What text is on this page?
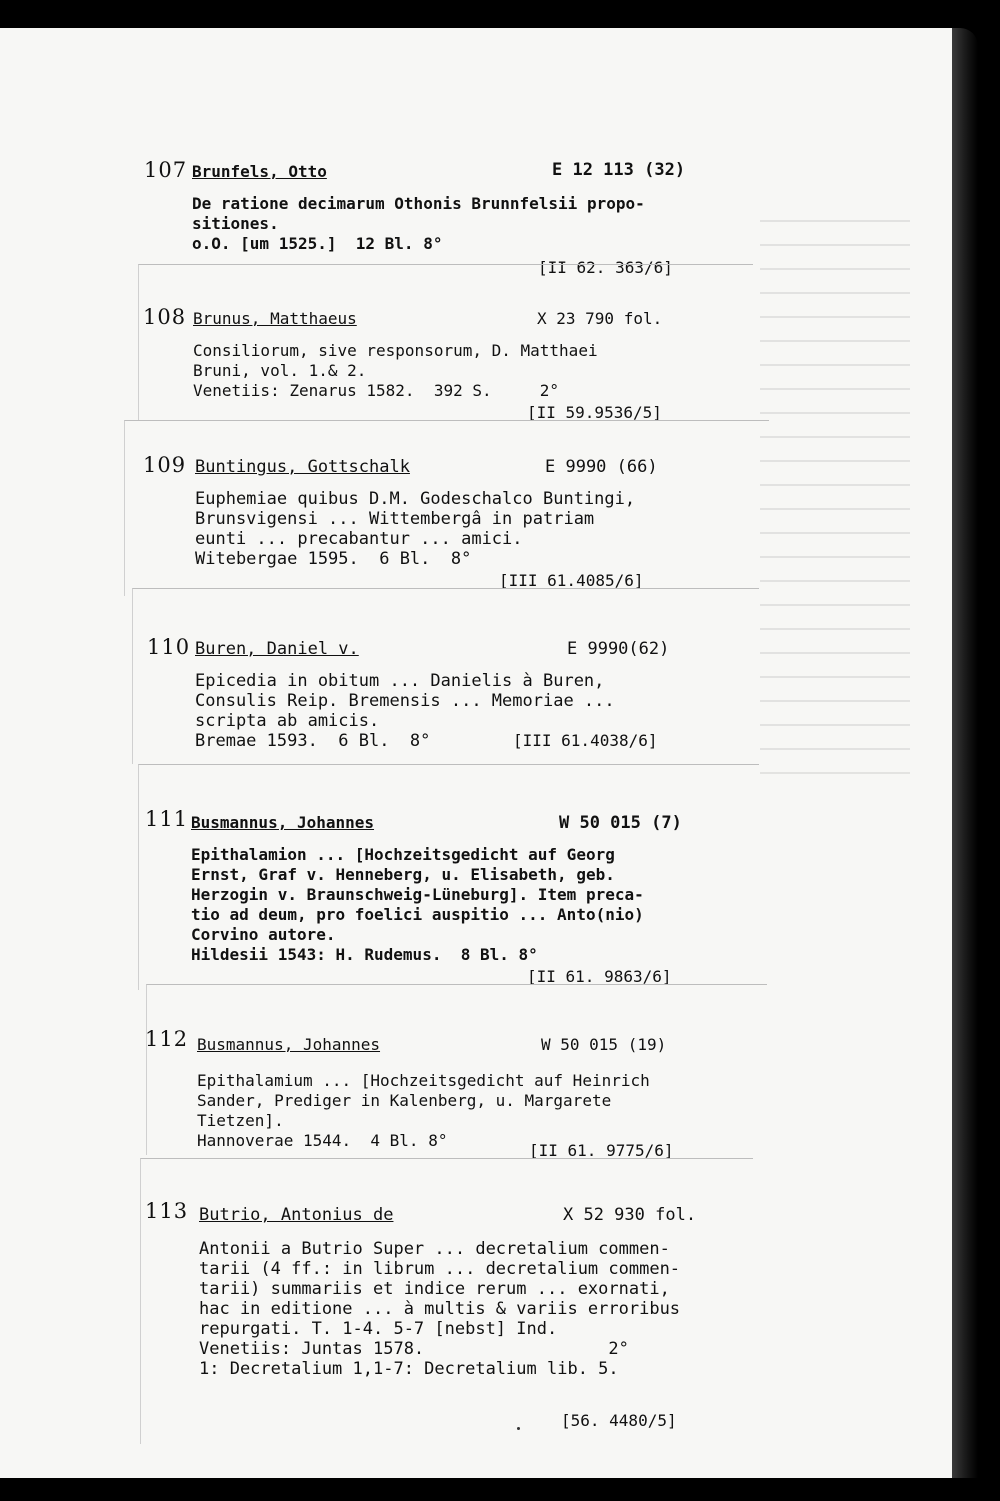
107 Brunfels, Otto	E 12 113 (32)
De ratione decimarum Othonis Brunnfelsii propo-
sitiones.
o.O. [um 1525.]  12 Bl. 8°
[II 62. 363/6]
108 Brunus, Matthaeus	X 23 790 fol.
Consiliorum, sive responsorum, D. Matthaei
Bruni, vol. 1.& 2.
Venetiis: Zenarus 1582.  392 S.     2°
[II 59.9536/5]
109 Buntingus, Gottschalk	E 9990 (66)
Euphemiae quibus D.M. Godeschalco Buntingi,
Brunsvigensi ... Wittembergâ in patriam
eunti ... precabantur ... amici.
Witebergae 1595.  6 Bl.  8°
[III 61.4085/6]
110 Buren, Daniel v.	E 9990(62)
Epicedia in obitum ... Danielis à Buren,
Consulis Reip. Bremensis ... Memoriae ...
scripta ab amicis.
Bremae 1593.  6 Bl.  8°	[III 61.4038/6]
111 Busmannus, Johannes	W 50 015 (7)
Epithalamion ... [Hochzeitsgedicht auf Georg
Ernst, Graf v. Henneberg, u. Elisabeth, geb.
Herzogin v. Braunschweig-Lüneburg]. Item preca-
tio ad deum, pro foelici auspitio ... Anto(nio)
Corvino autore.
Hildesii 1543: H. Rudemus.  8 Bl. 8°
[II 61. 9863/6]
112 Busmannus, Johannes	W 50 015 (19)
Epithalamium ... [Hochzeitsgedicht auf Heinrich
Sander, Prediger in Kalenberg, u. Margarete
Tietzen].
Hannoverae 1544.  4 Bl. 8°
[II 61. 9775/6]
113 Butrio, Antonius de	X 52 930 fol.
Antonii a Butrio Super ... decretalium commen-
tarii (4 ff.: in librum ... decretalium commen-
tarii) summariis et indice rerum ... exornati,
hac in editione ... à multis & variis erroribus
repurgati. T. 1-4. 5-7 [nebst] Ind.
Venetiis: Juntas 1578.                  2°
1: Decretalium 1,1-7: Decretalium lib. 5.
[56. 4480/5]
